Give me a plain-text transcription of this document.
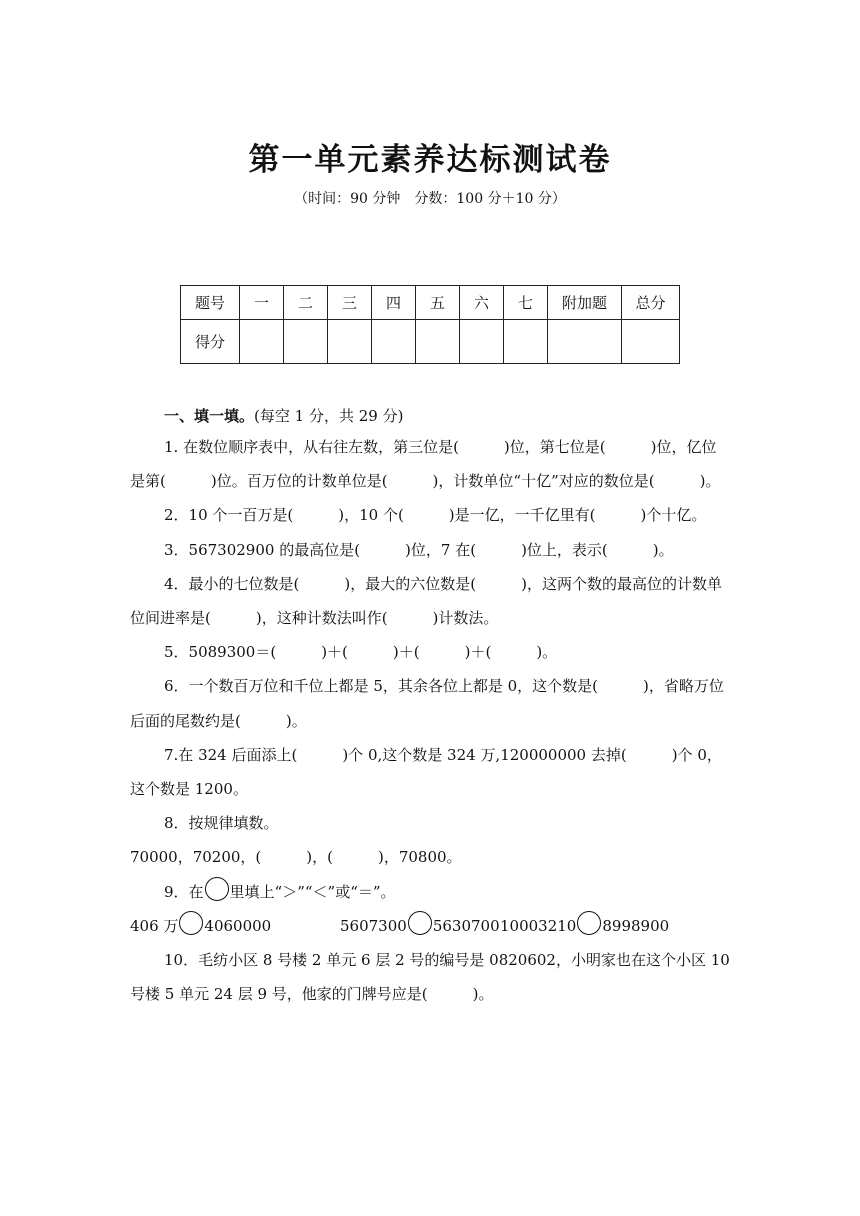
第一单元素养达标测试卷
（时间：90 分钟　分数：100 分＋10 分）
题号	一	二	三	四	五	六	七	附加题	总分
得分									
一、填一填。(每空 1 分，共 29 分)

1. 在数位顺序表中，从右往左数，第三位是(　　　)位，第七位是(　　　)位，亿位是第(　　　)位。百万位的计数单位是(　　　)，计数单位“十亿”对应的数位是(　　　)。

2．10 个一百万是(　　　)，10 个(　　　)是一亿，一千亿里有(　　　)个十亿。

3．567302900 的最高位是(　　　)位，7 在(　　　)位上，表示(　　　)。

4．最小的七位数是(　　　)，最大的六位数是(　　　)，这两个数的最高位的计数单位间进率是(　　　)，这种计数法叫作(　　　)计数法。

5．5089300＝(　　　)＋(　　　)＋(　　　)＋(　　　)。

6．一个数百万位和千位上都是 5，其余各位上都是 0，这个数是(　　　)，省略万位后面的尾数约是(　　　)。

7.在 324 后面添上(　　　)个 0,这个数是 324 万,120000000 去掉(　　　)个 0，这个数是 1200。

8．按规律填数。

70000，70200，(　　　)，(　　　)，70800。

9．在 里填上“＞”“＜”或“＝”。

406 万 4060000	5607300 563070010003210 8998900

10．毛纺小区 8 号楼 2 单元 6 层 2 号的编号是 0820602，小明家也在这个小区 10 号楼 5 单元 24 层 9 号，他家的门牌号应是(　　　)。
